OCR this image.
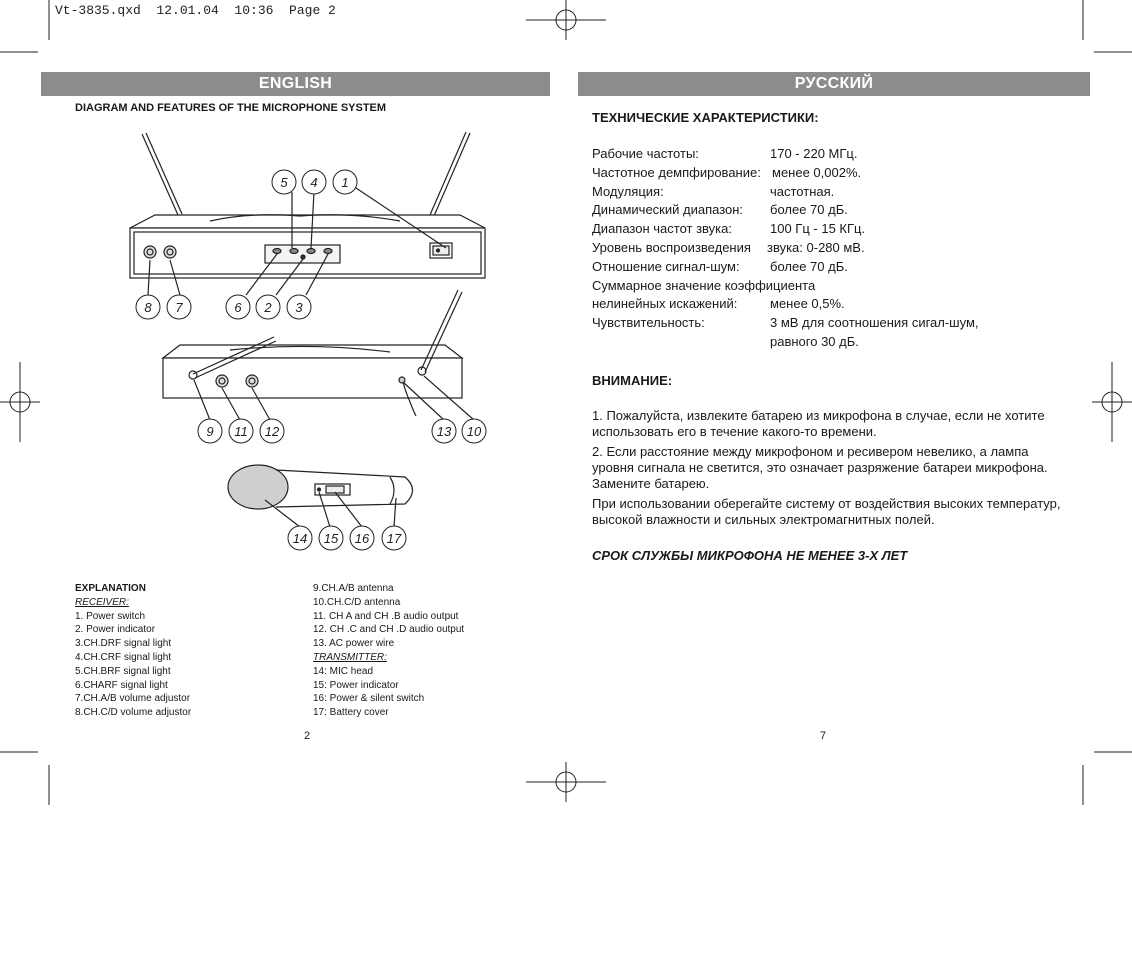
Vt-3835.qxd  12.01.04  10:36  Page 2
ENGLISH	РУССКИЙ
DIAGRAM AND FEATURES OF THE MICROPHONE SYSTEM
5 4 1
8 7	6 2 3
9 11 12	13 10
14 15 16 17
EXPLANATION
RECEIVER:
1. Power switch
2. Power indicator
3.CH.DRF signal light
4.CH.CRF signal light
5.CH.BRF signal light
6.CHARF signal light
7.CH.A/B volume adjustor
8.CH.C/D volume adjustor
9.CH.A/B antenna
10.CH.C/D antenna
11. CH A and CH .B audio output
12. CH .C and CH .D audio output
13. AC power wire
TRANSMITTER:
14: MIC head
15: Power indicator
16: Power & silent switch
17: Battery cover
2
ТЕХНИЧЕСКИЕ ХАРАКТЕРИСТИКИ:
Рабочие частоты:	170 - 220 МГц.
Частотное демпфирование: менее 0,002%.
Модуляция:	частотная.
Динамический диапазон: более 70 дБ.
Диапазон частот звука:	100 Гц - 15 КГц.
Уровень воспроизведения звука: 0-280 мВ.
Отношение сигнал-шум: более 70 дБ.
Суммарное значение коэффициента
нелинейных искажений:	менее 0,5%.
Чувствительность:	3 мВ для соотношения сигал-шум,
равного 30 дБ.
ВНИМАНИЕ:

1. Пожалуйста, извлеките батарею из микрофона в случае, если не хотите использовать его в течение какого-то времени.

2. Если расстояние между микрофоном и ресивером невелико, а лампа уровня сигнала не светится, это означает разряжение батареи микрофона. Замените батарею.

При использовании оберегайте систему от воздействия высоких температур, высокой влажности и сильных электромагнитных полей.

СРОК СЛУЖБЫ МИКРОФОНА НЕ МЕНЕЕ 3-Х ЛЕТ
7
